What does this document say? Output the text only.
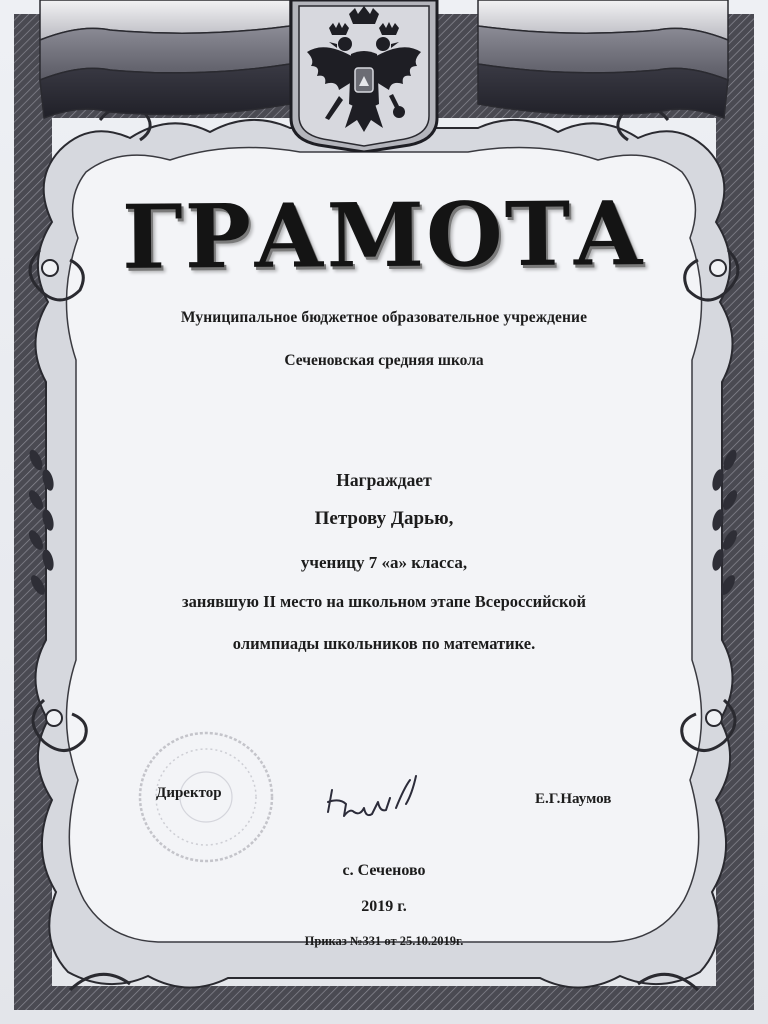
ГРАМОТА
Муниципальное бюджетное образовательное учреждение
Сеченовская средняя школа
Награждает
Петрову Дарью,
ученицу 7 «а» класса,
занявшую II место на школьном этапе Всероссийской
олимпиады школьников по математике.
Директор	Е.Г.Наумов
с. Сеченово
2019 г.
Приказ №331 от 25.10.2019г.
